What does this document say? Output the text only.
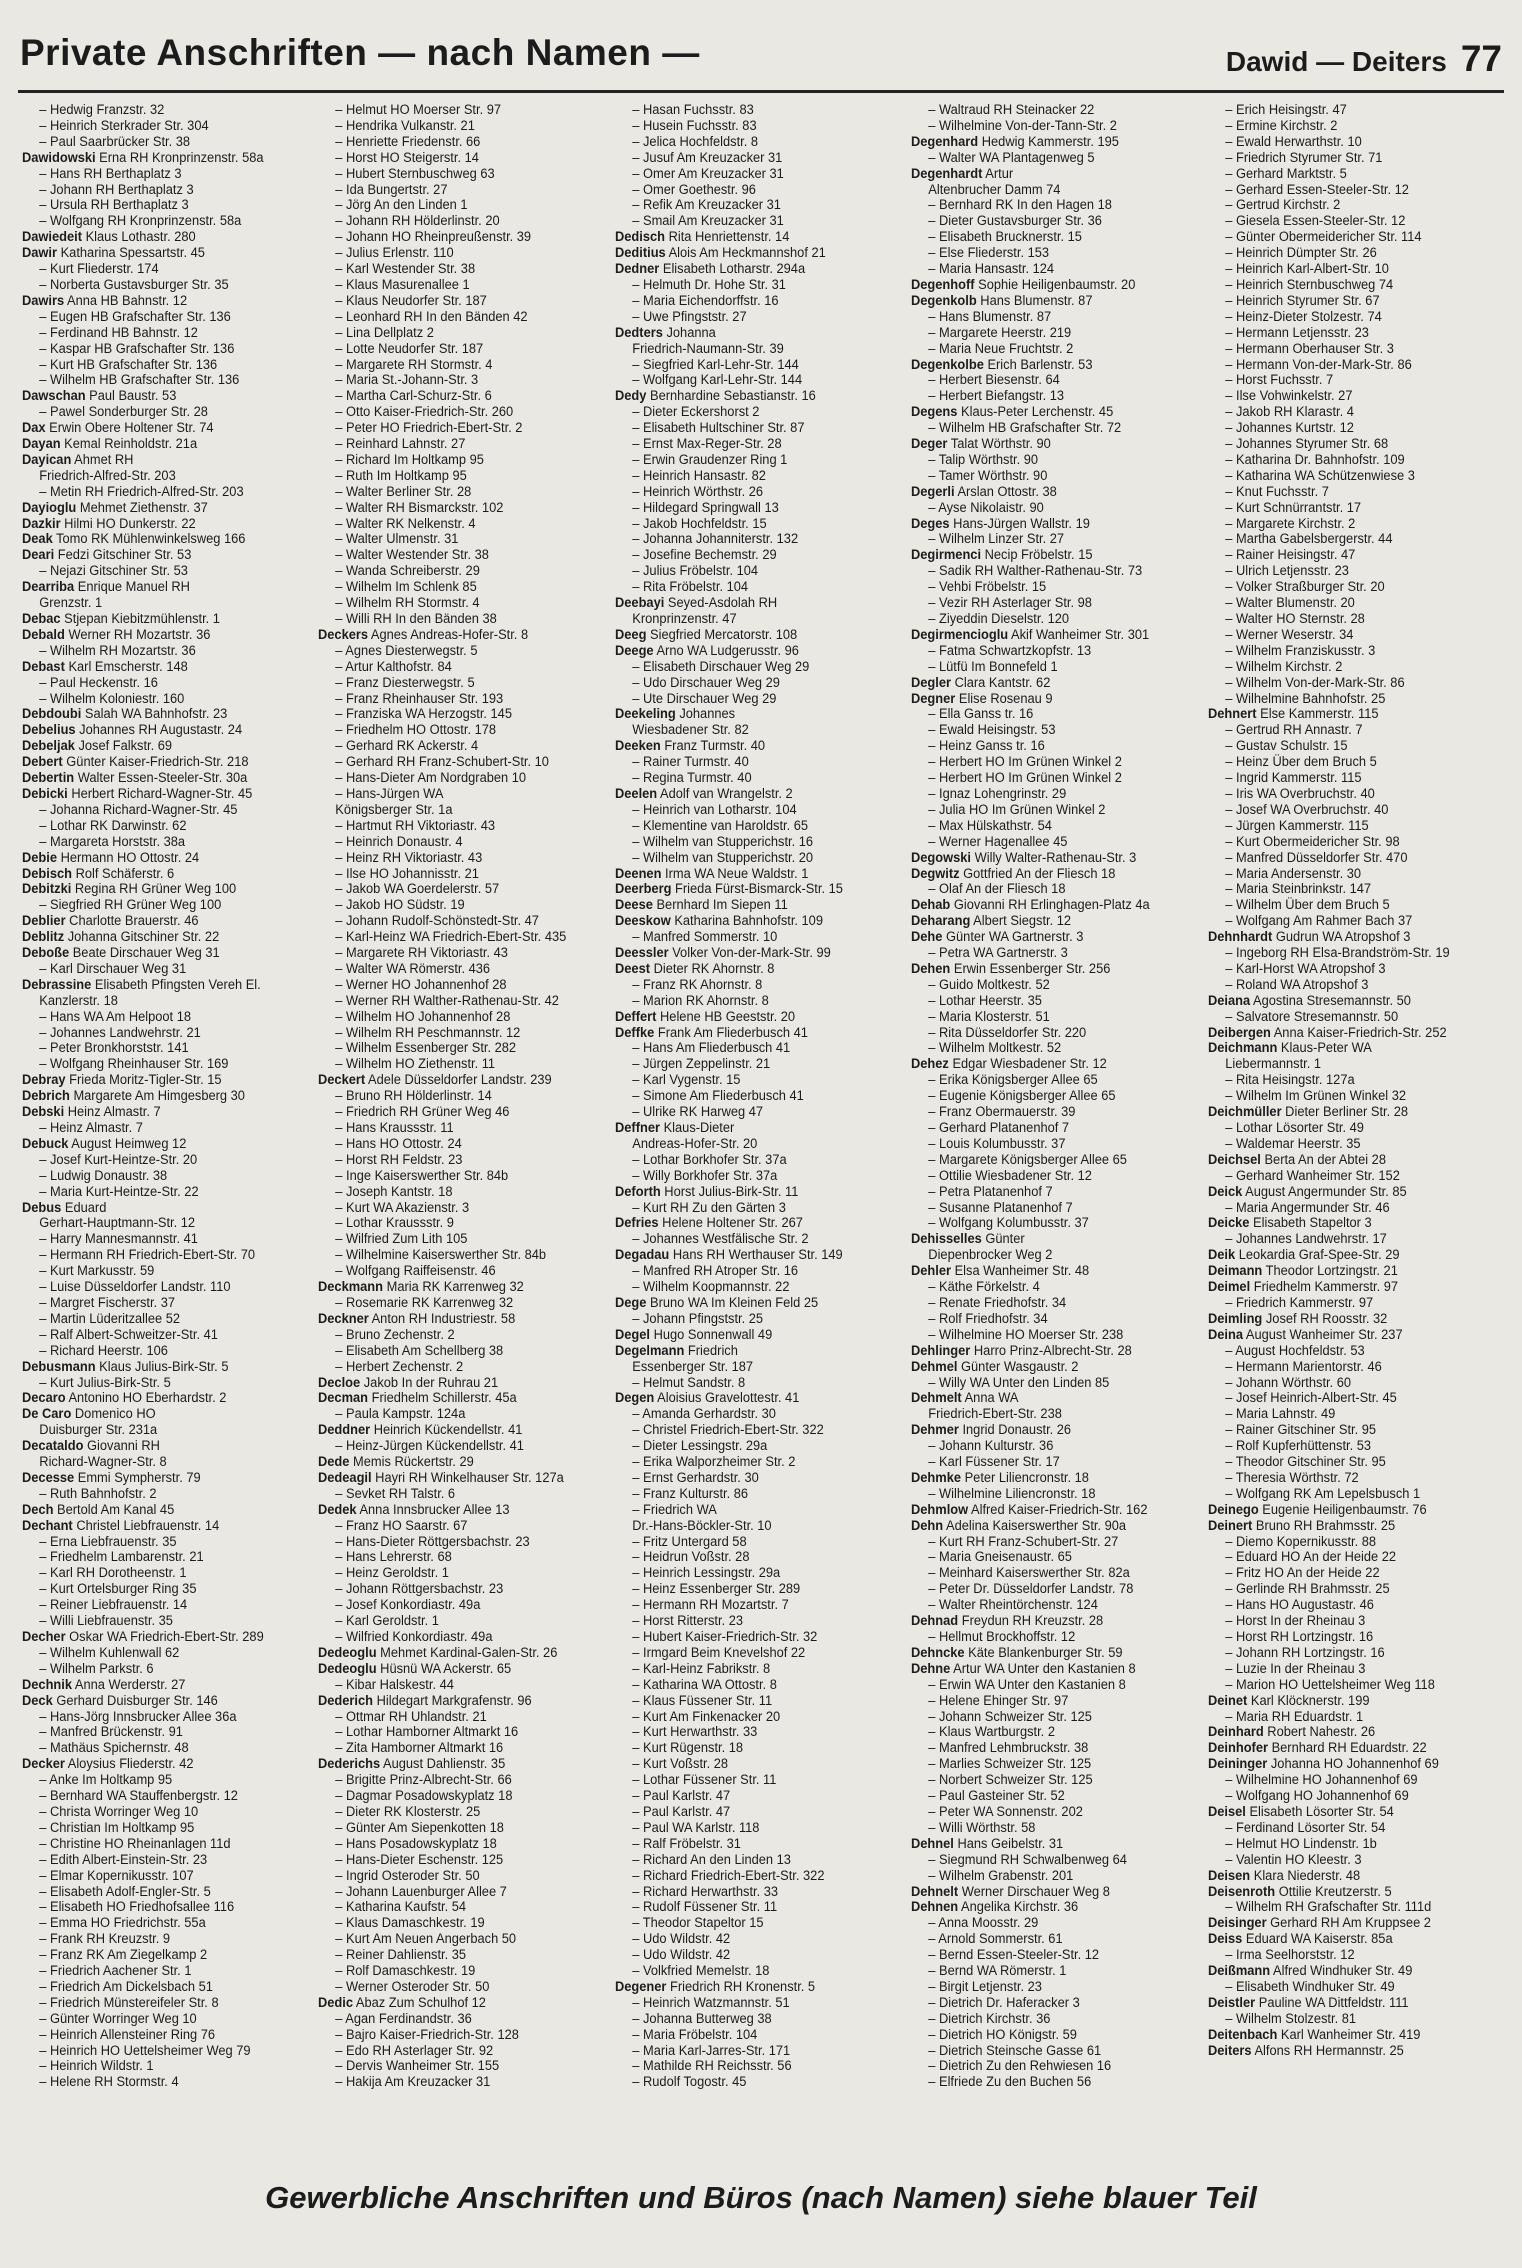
Private Anschriften — nach Namen —	Dawid — Deiters 77
– Hedwig Franzstr. 32
– Heinrich Sterkrader Str. 304
– Paul Saarbrücker Str. 38
Dawidowski Erna RH Kronprinzenstr. 58a
– Hans RH Berthaplatz 3
– Johann RH Berthaplatz 3
– Ursula RH Berthaplatz 3
– Wolfgang RH Kronprinzenstr. 58a
Dawiedeit Klaus Lothastr. 280
Dawir Katharina Spessartstr. 45
– Kurt Fliederstr. 174
– Norberta Gustavsburger Str. 35
Dawirs Anna HB Bahnstr. 12
– Eugen HB Grafschafter Str. 136
– Ferdinand HB Bahnstr. 12
– Kaspar HB Grafschafter Str. 136
– Kurt HB Grafschafter Str. 136
– Wilhelm HB Grafschafter Str. 136
Dawschan Paul Baustr. 53
– Pawel Sonderburger Str. 28
Dax Erwin Obere Holtener Str. 74
Dayan Kemal Reinholdstr. 21a
Dayican Ahmet RH
Friedrich-Alfred-Str. 203
– Metin RH Friedrich-Alfred-Str. 203
Dayioglu Mehmet Ziethenstr. 37
Dazkir Hilmi HO Dunkerstr. 22
Deak Tomo RK Mühlenwinkelsweg 166
Deari Fedzi Gitschiner Str. 53
– Nejazi Gitschiner Str. 53
Dearriba Enrique Manuel RH
Grenzstr. 1
Debac Stjepan Kiebitzmühlenstr. 1
Debald Werner RH Mozartstr. 36
– Wilhelm RH Mozartstr. 36
Debast Karl Emscherstr. 148
– Paul Heckenstr. 16
– Wilhelm Koloniestr. 160
Debdoubi Salah WA Bahnhofstr. 23
Debelius Johannes RH Augustastr. 24
Debeljak Josef Falkstr. 69
Debert Günter Kaiser-Friedrich-Str. 218
Debertin Walter Essen-Steeler-Str. 30a
Debicki Herbert Richard-Wagner-Str. 45
– Johanna Richard-Wagner-Str. 45
– Lothar RK Darwinstr. 62
– Margareta Horststr. 38a
Debie Hermann HO Ottostr. 24
Debisch Rolf Schäferstr. 6
Debitzki Regina RH Grüner Weg 100
– Siegfried RH Grüner Weg 100
Deblier Charlotte Brauerstr. 46
Deblitz Johanna Gitschiner Str. 22
Deboße Beate Dirschauer Weg 31
– Karl Dirschauer Weg 31
Debrassine Elisabeth Pfingsten Vereh El.
Kanzlerstr. 18
– Hans WA Am Helpoot 18
– Johannes Landwehrstr. 21
– Peter Bronkhorststr. 141
– Wolfgang Rheinhauser Str. 169
Debray Frieda Moritz-Tigler-Str. 15
Debrich Margarete Am Himgesberg 30
Debski Heinz Almastr. 7
– Heinz Almastr. 7
Debuck August Heimweg 12
– Josef Kurt-Heintze-Str. 20
– Ludwig Donaustr. 38
– Maria Kurt-Heintze-Str. 22
Debus Eduard
Gerhart-Hauptmann-Str. 12
– Harry Mannesmannstr. 41
– Hermann RH Friedrich-Ebert-Str. 70
– Kurt Markusstr. 59
– Luise Düsseldorfer Landstr. 110
– Margret Fischerstr. 37
– Martin Lüderitzallee 52
– Ralf Albert-Schweitzer-Str. 41
– Richard Heerstr. 106
Debusmann Klaus Julius-Birk-Str. 5
– Kurt Julius-Birk-Str. 5
Decaro Antonino HO Eberhardstr. 2
De Caro Domenico HO
Duisburger Str. 231a
Decataldo Giovanni RH
Richard-Wagner-Str. 8
Decesse Emmi Sympherstr. 79
– Ruth Bahnhofstr. 2
Dech Bertold Am Kanal 45
Dechant Christel Liebfrauenstr. 14
– Erna Liebfrauenstr. 35
– Friedhelm Lambarenstr. 21
– Karl RH Dorotheenstr. 1
– Kurt Ortelsburger Ring 35
– Reiner Liebfrauenstr. 14
– Willi Liebfrauenstr. 35
Decher Oskar WA Friedrich-Ebert-Str. 289
– Wilhelm Kuhlenwall 62
– Wilhelm Parkstr. 6
Dechnik Anna Werderstr. 27
Deck Gerhard Duisburger Str. 146
– Hans-Jörg Innsbrucker Allee 36a
– Manfred Brückenstr. 91
– Mathäus Spichernstr. 48
Decker Aloysius Fliederstr. 42
– Anke Im Holtkamp 95
– Bernhard WA Stauffenbergstr. 12
– Christa Worringer Weg 10
– Christian Im Holtkamp 95
– Christine HO Rheinanlagen 11d
– Edith Albert-Einstein-Str. 23
– Elmar Kopernikusstr. 107
– Elisabeth Adolf-Engler-Str. 5
– Elisabeth HO Friedhofsallee 116
– Emma HO Friedrichstr. 55a
– Frank RH Kreuzstr. 9
– Franz RK Am Ziegelkamp 2
– Friedrich Aachener Str. 1
– Friedrich Am Dickelsbach 51
– Friedrich Münstereifeler Str. 8
– Günter Worringer Weg 10
– Heinrich Allensteiner Ring 76
– Heinrich HO Uettelsheimer Weg 79
– Heinrich Wildstr. 1
– Helene RH Stormstr. 4
– Helmut HO Moerser Str. 97
– Hendrika Vulkanstr. 21
– Henriette Friedenstr. 66
– Horst HO Steigerstr. 14
– Hubert Sternbuschweg 63
– Ida Bungertstr. 27
– Jörg An den Linden 1
– Johann RH Hölderlinstr. 20
– Johann HO Rheinpreußenstr. 39
– Julius Erlenstr. 110
– Karl Westender Str. 38
– Klaus Masurenallee 1
– Klaus Neudorfer Str. 187
– Leonhard RH In den Bänden 42
– Lina Dellplatz 2
– Lotte Neudorfer Str. 187
– Margarete RH Stormstr. 4
– Maria St.-Johann-Str. 3
– Martha Carl-Schurz-Str. 6
– Otto Kaiser-Friedrich-Str. 260
– Peter HO Friedrich-Ebert-Str. 2
– Reinhard Lahnstr. 27
– Richard Im Holtkamp 95
– Ruth Im Holtkamp 95
– Walter Berliner Str. 28
– Walter RH Bismarckstr. 102
– Walter RK Nelkenstr. 4
– Walter Ulmenstr. 31
– Walter Westender Str. 38
– Wanda Schreiberstr. 29
– Wilhelm Im Schlenk 85
– Wilhelm RH Stormstr. 4
– Willi RH In den Bänden 38
Deckers Agnes Andreas-Hofer-Str. 8
– Agnes Diesterwegstr. 5
– Artur Kalthofstr. 84
– Franz Diesterwegstr. 5
– Franz Rheinhauser Str. 193
– Franziska WA Herzogstr. 145
– Friedhelm HO Ottostr. 178
– Gerhard RK Ackerstr. 4
– Gerhard RH Franz-Schubert-Str. 10
– Hans-Dieter Am Nordgraben 10
– Hans-Jürgen WA
Königsberger Str. 1a
– Hartmut RH Viktoriastr. 43
– Heinrich Donaustr. 4
– Heinz RH Viktoriastr. 43
– Ilse HO Johannisstr. 21
– Jakob WA Goerdelerstr. 57
– Jakob HO Südstr. 19
– Johann Rudolf-Schönstedt-Str. 47
– Karl-Heinz WA Friedrich-Ebert-Str. 435
– Margarete RH Viktoriastr. 43
– Walter WA Römerstr. 436
– Werner HO Johannenhof 28
– Werner RH Walther-Rathenau-Str. 42
– Wilhelm HO Johannenhof 28
– Wilhelm RH Peschmannstr. 12
– Wilhelm Essenberger Str. 282
– Wilhelm HO Ziethenstr. 11
Deckert Adele Düsseldorfer Landstr. 239
– Bruno RH Hölderlinstr. 14
– Friedrich RH Grüner Weg 46
– Hans Kraussstr. 11
– Hans HO Ottostr. 24
– Horst RH Feldstr. 23
– Inge Kaiserswerther Str. 84b
– Joseph Kantstr. 18
– Kurt WA Akazienstr. 3
– Lothar Kraussstr. 9
– Wilfried Zum Lith 105
– Wilhelmine Kaiserswerther Str. 84b
– Wolfgang Raiffeisenstr. 46
Deckmann Maria RK Karrenweg 32
– Rosemarie RK Karrenweg 32
Deckner Anton RH Industriestr. 58
– Bruno Zechenstr. 2
– Elisabeth Am Schellberg 38
– Herbert Zechenstr. 2
Decloe Jakob In der Ruhrau 21
Decman Friedhelm Schillerstr. 45a
– Paula Kampstr. 124a
Deddner Heinrich Kückendellstr. 41
– Heinz-Jürgen Kückendellstr. 41
Dede Memis Rückertstr. 29
Dedeagil Hayri RH Winkelhauser Str. 127a
– Sevket RH Talstr. 6
Dedek Anna Innsbrucker Allee 13
– Franz HO Saarstr. 67
– Hans-Dieter Röttgersbachstr. 23
– Hans Lehrerstr. 68
– Heinz Geroldstr. 1
– Johann Röttgersbachstr. 23
– Josef Konkordiastr. 49a
– Karl Geroldstr. 1
– Wilfried Konkordiastr. 49a
Dedeoglu Mehmet Kardinal-Galen-Str. 26
Dedeoglu Hüsnü WA Ackerstr. 65
– Kibar Halskestr. 44
Dederich Hildegart Markgrafenstr. 96
– Ottmar RH Uhlandstr. 21
– Lothar Hamborner Altmarkt 16
– Zita Hamborner Altmarkt 16
Dederichs August Dahlienstr. 35
– Brigitte Prinz-Albrecht-Str. 66
– Dagmar Posadowskyplatz 18
– Dieter RK Klosterstr. 25
– Günter Am Siepenkotten 18
– Hans Posadowskyplatz 18
– Hans-Dieter Eschenstr. 125
– Ingrid Osteroder Str. 50
– Johann Lauenburger Allee 7
– Katharina Kaufstr. 54
– Klaus Damaschkestr. 19
– Kurt Am Neuen Angerbach 50
– Reiner Dahlienstr. 35
– Rolf Damaschkestr. 19
– Werner Osteroder Str. 50
Dedic Abaz Zum Schulhof 12
– Agan Ferdinandstr. 36
– Bajro Kaiser-Friedrich-Str. 128
– Edo RH Asterlager Str. 92
– Dervis Wanheimer Str. 155
– Hakija Am Kreuzacker 31
– Hasan Fuchsstr. 83
– Husein Fuchsstr. 83
– Jelica Hochfeldstr. 8
– Jusuf Am Kreuzacker 31
– Omer Am Kreuzacker 31
– Omer Goethestr. 96
– Refik Am Kreuzacker 31
– Smail Am Kreuzacker 31
Dedisch Rita Henriettenstr. 14
Deditius Alois Am Heckmannshof 21
Dedner Elisabeth Lotharstr. 294a
– Helmuth Dr. Hohe Str. 31
– Maria Eichendorffstr. 16
– Uwe Pfingststr. 27
Dedters Johanna
Friedrich-Naumann-Str. 39
– Siegfried Karl-Lehr-Str. 144
– Wolfgang Karl-Lehr-Str. 144
Dedy Bernhardine Sebastianstr. 16
– Dieter Eckershorst 2
– Elisabeth Hultschiner Str. 87
– Ernst Max-Reger-Str. 28
– Erwin Graudenzer Ring 1
– Heinrich Hansastr. 82
– Heinrich Wörthstr. 26
– Hildegard Springwall 13
– Jakob Hochfeldstr. 15
– Johanna Johanniterstr. 132
– Josefine Bechemstr. 29
– Julius Fröbelstr. 104
– Rita Fröbelstr. 104
Deebayi Seyed-Asdolah RH
Kronprinzenstr. 47
Deeg Siegfried Mercatorstr. 108
Deege Arno WA Ludgerusstr. 96
– Elisabeth Dirschauer Weg 29
– Udo Dirschauer Weg 29
– Ute Dirschauer Weg 29
Deekeling Johannes
Wiesbadener Str. 82
Deeken Franz Turmstr. 40
– Rainer Turmstr. 40
– Regina Turmstr. 40
Deelen Adolf van Wrangelstr. 2
– Heinrich van Lotharstr. 104
– Klementine van Haroldstr. 65
– Wilhelm van Stupperichstr. 16
– Wilhelm van Stupperichstr. 20
Deenen Irma WA Neue Waldstr. 1
Deerberg Frieda Fürst-Bismarck-Str. 15
Deese Bernhard Im Siepen 11
Deeskow Katharina Bahnhofstr. 109
– Manfred Sommerstr. 10
Deessler Volker Von-der-Mark-Str. 99
Deest Dieter RK Ahornstr. 8
– Franz RK Ahornstr. 8
– Marion RK Ahornstr. 8
Deffert Helene HB Geeststr. 20
Deffke Frank Am Fliederbusch 41
– Hans Am Fliederbusch 41
– Jürgen Zeppelinstr. 21
– Karl Vygenstr. 15
– Simone Am Fliederbusch 41
– Ulrike RK Harweg 47
Deffner Klaus-Dieter
Andreas-Hofer-Str. 20
– Lothar Borkhofer Str. 37a
– Willy Borkhofer Str. 37a
Deforth Horst Julius-Birk-Str. 11
– Kurt RH Zu den Gärten 3
Defries Helene Holtener Str. 267
– Johannes Westfälische Str. 2
Degadau Hans RH Werthauser Str. 149
– Manfred RH Atroper Str. 16
– Wilhelm Koopmannstr. 22
Dege Bruno WA Im Kleinen Feld 25
– Johann Pfingststr. 25
Degel Hugo Sonnenwall 49
Degelmann Friedrich
Essenberger Str. 187
– Helmut Sandstr. 8
Degen Aloisius Gravelottestr. 41
– Amanda Gerhardstr. 30
– Christel Friedrich-Ebert-Str. 322
– Dieter Lessingstr. 29a
– Erika Walporzheimer Str. 2
– Ernst Gerhardstr. 30
– Franz Kulturstr. 86
– Friedrich WA
Dr.-Hans-Böckler-Str. 10
– Fritz Untergard 58
– Heidrun Voßstr. 28
– Heinrich Lessingstr. 29a
– Heinz Essenberger Str. 289
– Hermann RH Mozartstr. 7
– Horst Ritterstr. 23
– Hubert Kaiser-Friedrich-Str. 32
– Irmgard Beim Knevelshof 22
– Karl-Heinz Fabrikstr. 8
– Katharina WA Ottostr. 8
– Klaus Füssener Str. 11
– Kurt Am Finkenacker 20
– Kurt Herwarthstr. 33
– Kurt Rügenstr. 18
– Kurt Voßstr. 28
– Lothar Füssener Str. 11
– Paul Karlstr. 47
– Paul Karlstr. 47
– Paul WA Karlstr. 118
– Ralf Fröbelstr. 31
– Richard An den Linden 13
– Richard Friedrich-Ebert-Str. 322
– Richard Herwarthstr. 33
– Rudolf Füssener Str. 11
– Theodor Stapeltor 15
– Udo Wildstr. 42
– Udo Wildstr. 42
– Volkfried Memelstr. 18
Degener Friedrich RH Kronenstr. 5
– Heinrich Watzmannstr. 51
– Johanna Butterweg 38
– Maria Fröbelstr. 104
– Maria Karl-Jarres-Str. 171
– Mathilde RH Reichsstr. 56
– Rudolf Togostr. 45
– Waltraud RH Steinacker 22
– Wilhelmine Von-der-Tann-Str. 2
Degenhard Hedwig Kammerstr. 195
– Walter WA Plantagenweg 5
Degenhardt Artur
Altenbrucher Damm 74
– Bernhard RK In den Hagen 18
– Dieter Gustavsburger Str. 36
– Elisabeth Brucknerstr. 15
– Else Fliederstr. 153
– Maria Hansastr. 124
Degenhoff Sophie Heiligenbaumstr. 20
Degenkolb Hans Blumenstr. 87
– Hans Blumenstr. 87
– Margarete Heerstr. 219
– Maria Neue Fruchtstr. 2
Degenkolbe Erich Barlenstr. 53
– Herbert Biesenstr. 64
– Herbert Biefangstr. 13
Degens Klaus-Peter Lerchenstr. 45
– Wilhelm HB Grafschafter Str. 72
Deger Talat Wörthstr. 90
– Talip Wörthstr. 90
– Tamer Wörthstr. 90
Degerli Arslan Ottostr. 38
– Ayse Nikolaistr. 90
Deges Hans-Jürgen Wallstr. 19
– Wilhelm Linzer Str. 27
Degirmenci Necip Fröbelstr. 15
– Sadik RH Walther-Rathenau-Str. 73
– Vehbi Fröbelstr. 15
– Vezir RH Asterlager Str. 98
– Ziyeddin Dieselstr. 120
Degirmencioglu Akif Wanheimer Str. 301
– Fatma Schwartzkopfstr. 13
– Lütfü Im Bonnefeld 1
Degler Clara Kantstr. 62
Degner Elise Rosenau 9
– Ella Ganss tr. 16
– Ewald Heisingstr. 53
– Heinz Ganss tr. 16
– Herbert HO Im Grünen Winkel 2
– Herbert HO Im Grünen Winkel 2
– Ignaz Lohengrinstr. 29
– Julia HO Im Grünen Winkel 2
– Max Hülskathstr. 54
– Werner Hagenallee 45
Degowski Willy Walter-Rathenau-Str. 3
Degwitz Gottfried An der Fliesch 18
– Olaf An der Fliesch 18
Dehab Giovanni RH Erlinghagen-Platz 4a
Deharang Albert Siegstr. 12
Dehe Günter WA Gartnerstr. 3
– Petra WA Gartnerstr. 3
Dehen Erwin Essenberger Str. 256
– Guido Moltkestr. 52
– Lothar Heerstr. 35
– Maria Klosterstr. 51
– Rita Düsseldorfer Str. 220
– Wilhelm Moltkestr. 52
Dehez Edgar Wiesbadener Str. 12
– Erika Königsberger Allee 65
– Eugenie Königsberger Allee 65
– Franz Obermauerstr. 39
– Gerhard Platanenhof 7
– Louis Kolumbusstr. 37
– Margarete Königsberger Allee 65
– Ottilie Wiesbadener Str. 12
– Petra Platanenhof 7
– Susanne Platanenhof 7
– Wolfgang Kolumbusstr. 37
Dehisselles Günter
Diepenbrocker Weg 2
Dehler Elsa Wanheimer Str. 48
– Käthe Förkelstr. 4
– Renate Friedhofstr. 34
– Rolf Friedhofstr. 34
– Wilhelmine HO Moerser Str. 238
Dehlinger Harro Prinz-Albrecht-Str. 28
Dehmel Günter Wasgaustr. 2
– Willy WA Unter den Linden 85
Dehmelt Anna WA
Friedrich-Ebert-Str. 238
Dehmer Ingrid Donaustr. 26
– Johann Kulturstr. 36
– Karl Füssener Str. 17
Dehmke Peter Liliencronstr. 18
– Wilhelmine Liliencronstr. 18
Dehmlow Alfred Kaiser-Friedrich-Str. 162
Dehn Adelina Kaiserswerther Str. 90a
– Kurt RH Franz-Schubert-Str. 27
– Maria Gneisenaustr. 65
– Meinhard Kaiserswerther Str. 82a
– Peter Dr. Düsseldorfer Landstr. 78
– Walter Rheintörchenstr. 124
Dehnad Freydun RH Kreuzstr. 28
– Hellmut Brockhoffstr. 12
Dehncke Käte Blankenburger Str. 59
Dehne Artur WA Unter den Kastanien 8
– Erwin WA Unter den Kastanien 8
– Helene Ehinger Str. 97
– Johann Schweizer Str. 125
– Klaus Wartburgstr. 2
– Manfred Lehmbruckstr. 38
– Marlies Schweizer Str. 125
– Norbert Schweizer Str. 125
– Paul Gasteiner Str. 52
– Peter WA Sonnenstr. 202
– Willi Wörthstr. 58
Dehnel Hans Geibelstr. 31
– Siegmund RH Schwalbenweg 64
– Wilhelm Grabenstr. 201
Dehnelt Werner Dirschauer Weg 8
Dehnen Angelika Kirchstr. 36
– Anna Moosstr. 29
– Arnold Sommerstr. 61
– Bernd Essen-Steeler-Str. 12
– Bernd WA Römerstr. 1
– Birgit Letjenstr. 23
– Dietrich Dr. Haferacker 3
– Dietrich Kirchstr. 36
– Dietrich HO Königstr. 59
– Dietrich Steinsche Gasse 61
– Dietrich Zu den Rehwiesen 16
– Elfriede Zu den Buchen 56
– Erich Heisingstr. 47
– Ermine Kirchstr. 2
– Ewald Herwarthstr. 10
– Friedrich Styrumer Str. 71
– Gerhard Marktstr. 5
– Gerhard Essen-Steeler-Str. 12
– Gertrud Kirchstr. 2
– Giesela Essen-Steeler-Str. 12
– Günter Obermeidericher Str. 114
– Heinrich Dümpter Str. 26
– Heinrich Karl-Albert-Str. 10
– Heinrich Sternbuschweg 74
– Heinrich Styrumer Str. 67
– Heinz-Dieter Stolzestr. 74
– Hermann Letjensstr. 23
– Hermann Oberhauser Str. 3
– Hermann Von-der-Mark-Str. 86
– Horst Fuchsstr. 7
– Ilse Vohwinkelstr. 27
– Jakob RH Klarastr. 4
– Johannes Kurtstr. 12
– Johannes Styrumer Str. 68
– Katharina Dr. Bahnhofstr. 109
– Katharina WA Schützenwiese 3
– Knut Fuchsstr. 7
– Kurt Schnürrantstr. 17
– Margarete Kirchstr. 2
– Martha Gabelsbergerstr. 44
– Rainer Heisingstr. 47
– Ulrich Letjensstr. 23
– Volker Straßburger Str. 20
– Walter Blumenstr. 20
– Walter HO Sternstr. 28
– Werner Weserstr. 34
– Wilhelm Franziskusstr. 3
– Wilhelm Kirchstr. 2
– Wilhelm Von-der-Mark-Str. 86
– Wilhelmine Bahnhofstr. 25
Dehnert Else Kammerstr. 115
– Gertrud RH Annastr. 7
– Gustav Schulstr. 15
– Heinz Über dem Bruch 5
– Ingrid Kammerstr. 115
– Iris WA Overbruchstr. 40
– Josef WA Overbruchstr. 40
– Jürgen Kammerstr. 115
– Kurt Obermeidericher Str. 98
– Manfred Düsseldorfer Str. 470
– Maria Andersenstr. 30
– Maria Steinbrinkstr. 147
– Wilhelm Über dem Bruch 5
– Wolfgang Am Rahmer Bach 37
Dehnhardt Gudrun WA Atropshof 3
– Ingeborg RH Elsa-Brandström-Str. 19
– Karl-Horst WA Atropshof 3
– Roland WA Atropshof 3
Deiana Agostina Stresemannstr. 50
– Salvatore Stresemannstr. 50
Deibergen Anna Kaiser-Friedrich-Str. 252
Deichmann Klaus-Peter WA
Liebermannstr. 1
– Rita Heisingstr. 127a
– Wilhelm Im Grünen Winkel 32
Deichmüller Dieter Berliner Str. 28
– Lothar Lösorter Str. 49
– Waldemar Heerstr. 35
Deichsel Berta An der Abtei 28
– Gerhard Wanheimer Str. 152
Deick August Angermunder Str. 85
– Maria Angermunder Str. 46
Deicke Elisabeth Stapeltor 3
– Johannes Landwehrstr. 17
Deik Leokardia Graf-Spee-Str. 29
Deimann Theodor Lortzingstr. 21
Deimel Friedhelm Kammerstr. 97
– Friedrich Kammerstr. 97
Deimling Josef RH Roosstr. 32
Deina August Wanheimer Str. 237
– August Hochfeldstr. 53
– Hermann Marientorstr. 46
– Johann Wörthstr. 60
– Josef Heinrich-Albert-Str. 45
– Maria Lahnstr. 49
– Rainer Gitschiner Str. 95
– Rolf Kupferhüttenstr. 53
– Theodor Gitschiner Str. 95
– Theresia Wörthstr. 72
– Wolfgang RK Am Lepelsbusch 1
Deinego Eugenie Heiligenbaumstr. 76
Deinert Bruno RH Brahmsstr. 25
– Diemo Kopernikusstr. 88
– Eduard HO An der Heide 22
– Fritz HO An der Heide 22
– Gerlinde RH Brahmsstr. 25
– Hans HO Augustastr. 46
– Horst In der Rheinau 3
– Horst RH Lortzingstr. 16
– Johann RH Lortzingstr. 16
– Luzie In der Rheinau 3
– Marion HO Uettelsheimer Weg 118
Deinet Karl Klöcknerstr. 199
– Maria RH Eduardstr. 1
Deinhard Robert Nahestr. 26
Deinhofer Bernhard RH Eduardstr. 22
Deininger Johanna HO Johannenhof 69
– Wilhelmine HO Johannenhof 69
– Wolfgang HO Johannenhof 69
Deisel Elisabeth Lösorter Str. 54
– Ferdinand Lösorter Str. 54
– Helmut HO Lindenstr. 1b
– Valentin HO Kleestr. 3
Deisen Klara Niederstr. 48
Deisenroth Ottilie Kreutzerstr. 5
– Wilhelm RH Grafschafter Str. 111d
Deisinger Gerhard RH Am Kruppsee 2
Deiss Eduard WA Kaiserstr. 85a
– Irma Seelhorststr. 12
Deißmann Alfred Windhuker Str. 49
– Elisabeth Windhuker Str. 49
Deistler Pauline WA Dittfeldstr. 111
– Wilhelm Stolzestr. 81
Deitenbach Karl Wanheimer Str. 419
Deiters Alfons RH Hermannstr. 25
Gewerbliche Anschriften und Büros (nach Namen) siehe blauer Teil
